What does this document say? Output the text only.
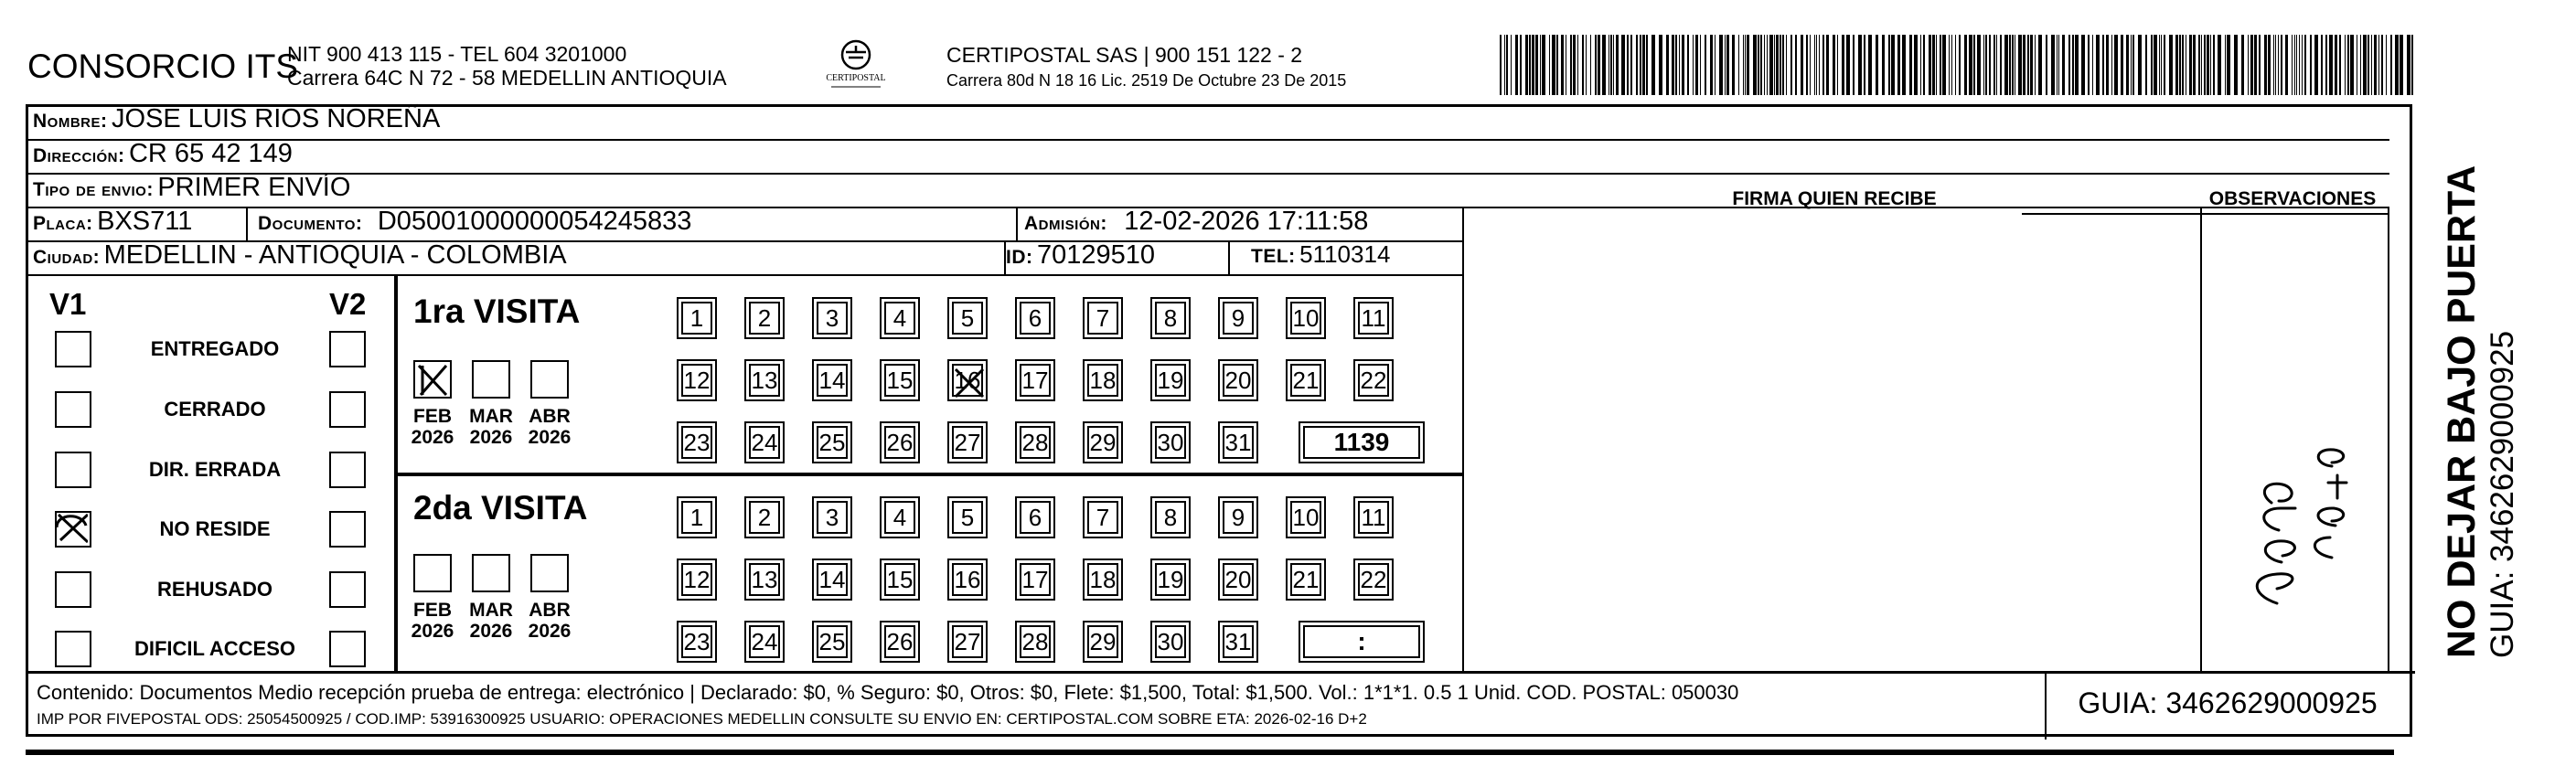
CONSORCIO ITS
NIT 900 413 115 - TEL 604 3201000
Carrera 64C N 72 - 58 MEDELLIN ANTIOQUIA	CERTIPOSTAL
CERTIPOSTAL SAS | 900 151 122 - 2
Carrera 80d N 18 16 Lic. 2519 De Octubre 23 De 2015
Nombre: JOSE LUIS RIOS NOREÑA
Dirección: CR 65 42 149
Tipo de envio: PRIMER ENVÍO
Placa: BXS711	Documento: D05001000000054245833	Admisión: 12-02-2026 17:11:58
Ciudad: MEDELLIN - ANTIOQUIA - COLOMBIA	ID: 70129510	TEL: 5110314
FIRMA QUIEN RECIBE	OBSERVACIONES
V1	V2
ENTREGADO
CERRADO
DIR. ERRADA
NO RESIDE
REHUSADO
DIFICIL ACCESO
1ra VISITA
2da VISITA
FEB
2026
MAR
2026
ABR
2026
FEB
2026
MAR
2026
ABR
2026
1	2	3	4	5	6	7	8	9	10 11
12 13 14 15 16 17 18 19 20 21 22
23 24 25 26 27 28 29 30 31	1139
1	2	3	4	5	6	7	8	9	10 11
12 13 14 15 16 17 18 19 20 21 22
23 24 25 26 27 28 29 30 31	:
Contenido: Documentos Medio recepción prueba de entrega: electrónico | Declarado: $0, % Seguro: $0, Otros: $0, Flete: $1,500, Total: $1,500. Vol.: 1*1*1. 0.5 1 Unid. COD. POSTAL: 050030
IMP POR FIVEPOSTAL ODS: 25054500925 / COD.IMP: 53916300925 USUARIO: OPERACIONES MEDELLIN CONSULTE SU ENVIO EN: CERTIPOSTAL.COM SOBRE ETA: 2026-02-16 D+2	GUIA: 3462629000925
NO DEJAR BAJO PUERTA GUIA: 3462629000925
